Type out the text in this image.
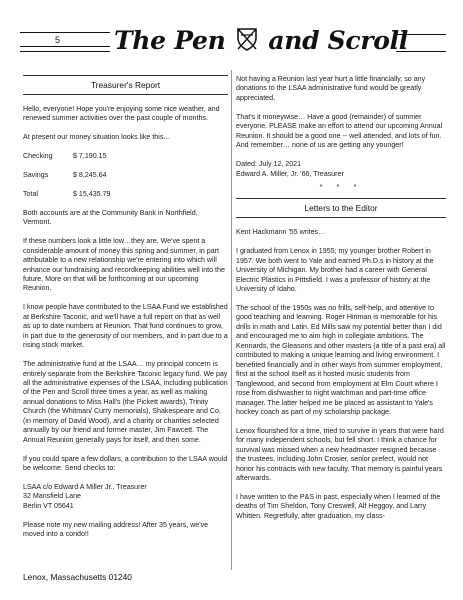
5 The Pen and Scroll
Treasurer's Report

Hello, everyone! Hope you're enjoying some nice weather, and renewed summer activities over the past couple of months.

At present our money situation looks like this…

Checking	$ 7,190.15
Savings	$ 8,245.64
Total	$ 15,435.79

Both accounts are at the Community Bank in Northfield, Vermont.

If these numbers look a little low…they are. We've spent a considerable amount of money this spring and summer, in part attributable to a new relationship we're entering into which will enhance our fundraising and recordkeeping abilities well into the future, More on that will be forthcoming at our upcoming Reunion.

I know people have contributed to the LSAA Fund we established at Berkshire Taconic, and we'll have a full report on that as well as up to date numbers at Reunion. That fund continues to grow, in part due to the generosity of our members, and in part due to a rising stock market.

The administrative fund at the LSAA… my principal concern is entirely separate from the Berkshire Taconic legacy fund. We pay all the administrative expenses of the LSAA, including publication of the Pen and Scroll three times a year, as well as making annual donations to Miss Hall's (the Pickett awards), Trinity Church (the Whitman/ Curry memorials), Shakespeare and Co. (in memory of David Wood), and a charity or charities selected annually by our friend and former master, Jim Fawcett. The Annual Reunion generally pays for itself, and then some.

If you could spare a few dollars, a contribution to the LSAA would be welcome. Send checks to:

LSAA c/o Edward A Miller Jr., Treasurer
32 Mansfield Lane
Berlin VT 05641

Please note my new mailing address! After 35 years, we've moved into a condo!!

Not having a Reunion last year hurt a little financially, so any donations to the LSAA administrative fund would be greatly appreciated,

That's it moneywise… Have a good (remainder) of summer everyone. PLEASE make an effort to attend our upcoming Annual Reunion. It should be a good one -- well attended, and lots of fun. And remember… none of us are getting any younger!

Dated: July 12, 2021
Edward A. Miller, Jr. '66, Treasurer
* * *
Letters to the Editor

Kent Hackmann '55 writes…

I graduated from Lenox in 1955; my younger brother Robert in 1957. We both went to Yale and earned Ph.D.s in history at the University of Michigan. My brother had a career with General Electric Plastics in Pittsfield. I was a professor of history at the University of Idaho.

The school of the 1950s was no frills, self-help, and attentive to good teaching and learning. Roger Hinman is memorable for his drills in math and Latin. Ed Mills saw my potential better than I did and encouraged me to aim high in collegiate ambitions. The Kennards, the Gleasons and other masters (a title of a past era) all contributed to making a unique learning and living environment. I benefited financially and in other ways from summer employment, first at the school itself as it hosted music students from Tanglewood, and second from employment at Elm Court where I rose from dishwasher to night watchman and part-time office manager. The latter helped me be placed as assistant to Yale's hockey coach as part of my scholarship package.

Lenox flourished for a time, tried to survive in years that were hard for many independent schools, but fell short. I think a chance for survival was missed when a new headmaster resigned because the trustees, including John Crosier, senior prefect, would not honor his contracts with new faculty. That memory is painful years afterwards.

I have written to the P&S in past, especially when I learned of the deaths of Tim Sheldon, Tony Creswell, Alf Heggoy, and Larry Whitten. Regretfully, after graduation, my class-

Lenox, Massachusetts 01240
